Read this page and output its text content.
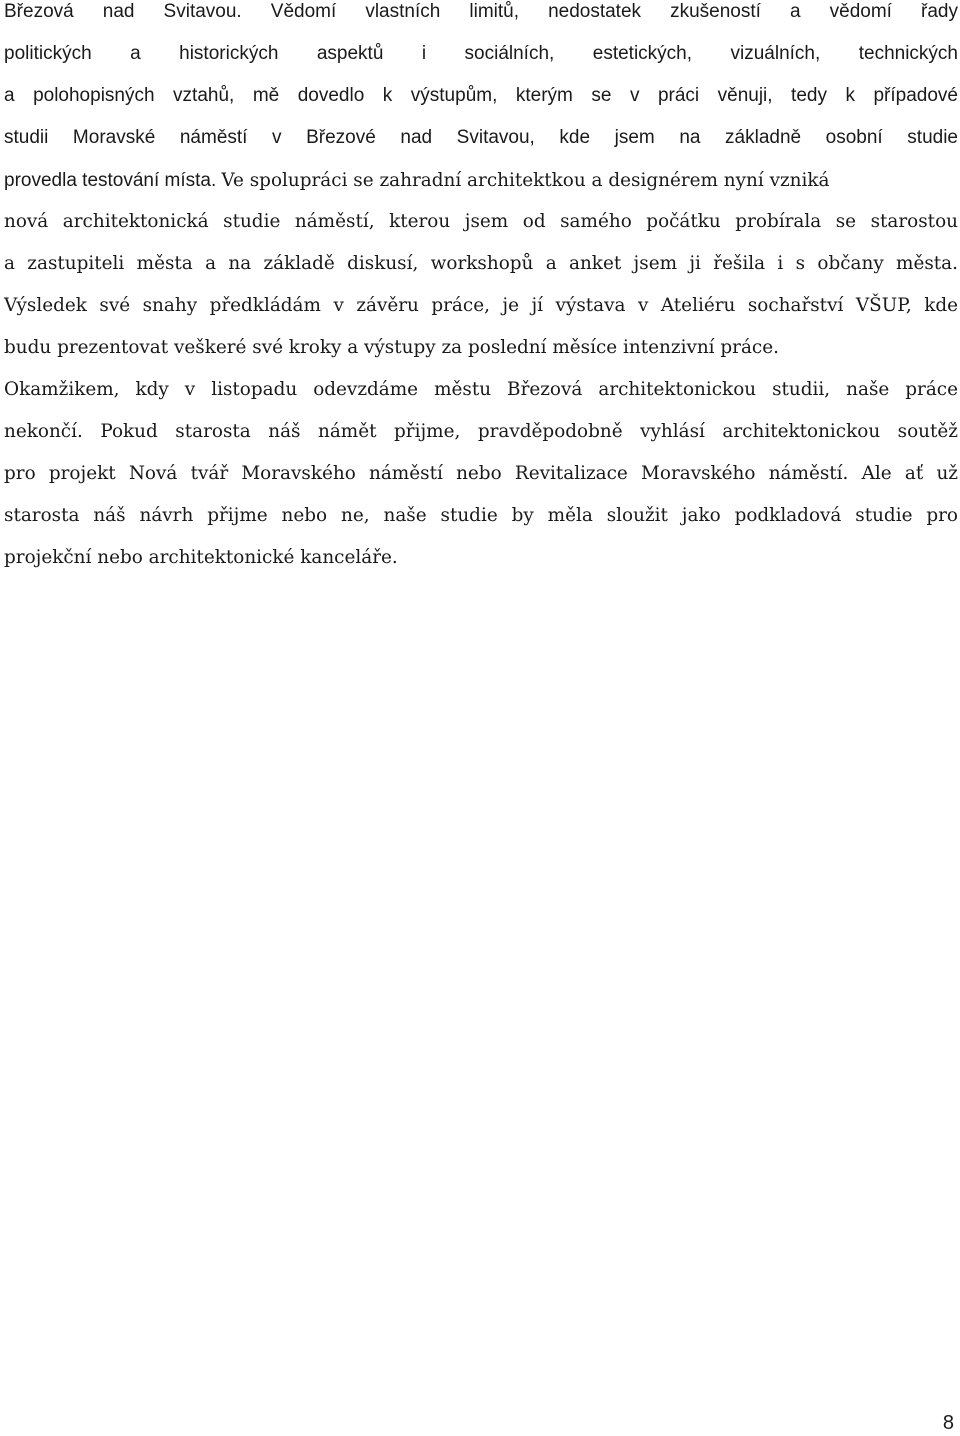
Březová nad Svitavou. Vědomí vlastních limitů, nedostatek zkušeností a vědomí řady
politických a historických aspektů i sociálních, estetických, vizuálních, technických
a polohopisných vztahů, mě dovedlo k výstupům, kterým se v práci věnuji, tedy k případové
studii Moravské náměstí v Březové nad Svitavou, kde jsem na základně osobní studie
provedla testování místa. Ve spolupráci se zahradní architektkou a designérem nyní vzniká
nová architektonická studie náměstí, kterou jsem od samého počátku probírala se starostou
a zastupiteli města a na základě diskusí, workshopů a anket jsem ji řešila i s občany města.
Výsledek své snahy předkládám v závěru práce, je jí výstava v Ateliéru sochařství VŠUP, kde
budu prezentovat veškeré své kroky a výstupy za poslední měsíce intenzivní práce.
Okamžikem, kdy v listopadu odevzdáme městu Březová architektonickou studii, naše práce
nekončí. Pokud starosta náš námět přijme, pravděpodobně vyhlásí architektonickou soutěž
pro projekt Nová tvář Moravského náměstí nebo Revitalizace Moravského náměstí. Ale ať už
starosta náš návrh přijme nebo ne, naše studie by měla sloužit jako podkladová studie pro
projekční nebo architektonické kanceláře.
8
